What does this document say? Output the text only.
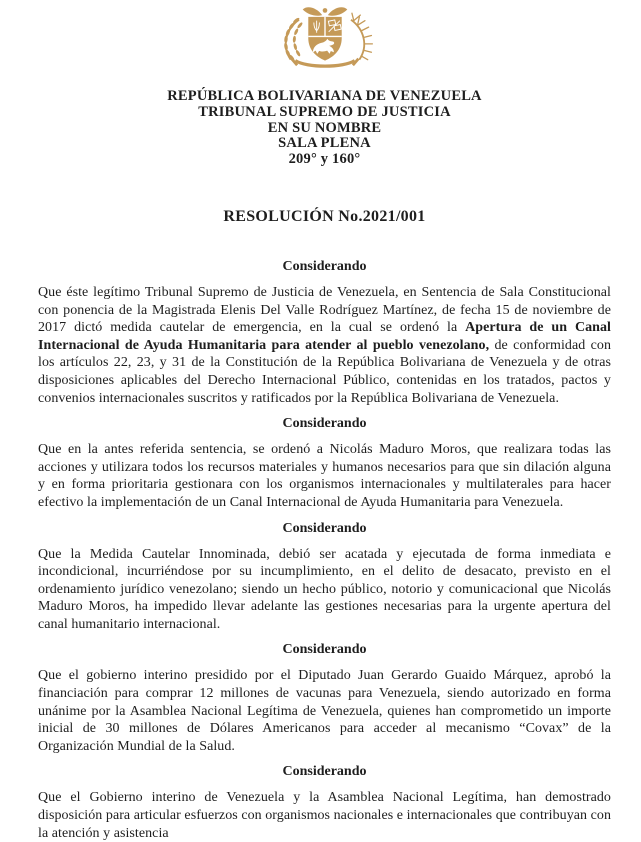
REPÚBLICA BOLIVARIANA DE VENEZUELA
TRIBUNAL SUPREMO DE JUSTICIA
EN SU NOMBRE
SALA PLENA
209° y 160°
RESOLUCIÓN No.2021/001
Considerando

Que éste legítimo Tribunal Supremo de Justicia de Venezuela, en Sentencia de Sala Constitucional con ponencia de la Magistrada Elenis Del Valle Rodríguez Martínez, de fecha 15 de noviembre de 2017 dictó medida cautelar de emergencia, en la cual se ordenó la Apertura de un Canal Internacional de Ayuda Humanitaria para atender al pueblo venezolano, de conformidad con los artículos 22, 23, y 31 de la Constitución de la República Bolivariana de Venezuela y de otras disposiciones aplicables del Derecho Internacional Público, contenidas en los tratados, pactos y convenios internacionales suscritos y ratificados por la República Bolivariana de Venezuela.

Considerando

Que en la antes referida sentencia, se ordenó a Nicolás Maduro Moros, que realizara todas las acciones y utilizara todos los recursos materiales y humanos necesarios para que sin dilación alguna y en forma prioritaria gestionara con los organismos internacionales y multilaterales para hacer efectivo la implementación de un Canal Internacional de Ayuda Humanitaria para Venezuela.

Considerando

Que la Medida Cautelar Innominada, debió ser acatada y ejecutada de forma inmediata e incondicional, incurriéndose por su incumplimiento, en el delito de desacato, previsto en el ordenamiento jurídico venezolano; siendo un hecho público, notorio y comunicacional que Nicolás Maduro Moros, ha impedido llevar adelante las gestiones necesarias para la urgente apertura del canal humanitario internacional.

Considerando

Que el gobierno interino presidido por el Diputado Juan Gerardo Guaido Márquez, aprobó la financiación para comprar 12 millones de vacunas para Venezuela, siendo autorizado en forma unánime por la Asamblea Nacional Legítima de Venezuela, quienes han comprometido un importe inicial de 30 millones de Dólares Americanos para acceder al mecanismo “Covax” de la Organización Mundial de la Salud.

Considerando

Que el Gobierno interino de Venezuela y la Asamblea Nacional Legítima, han demostrado disposición para articular esfuerzos con organismos nacionales e internacionales que contribuyan con la atención y asistencia
